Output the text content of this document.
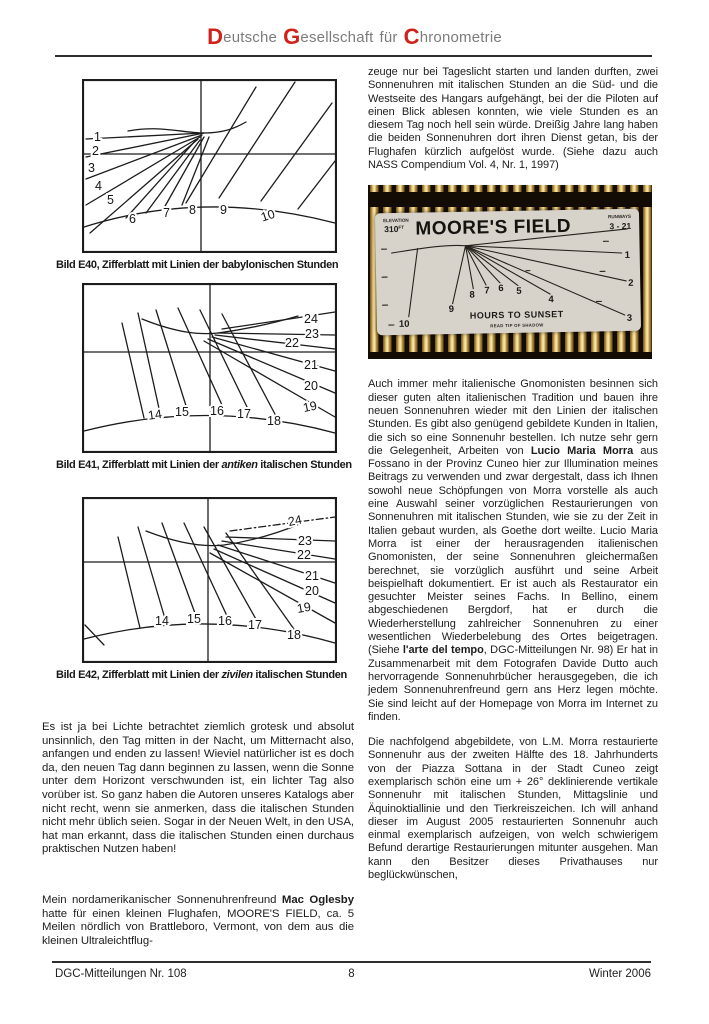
Deutsche Gesellschaft für Chronometrie
1
2
3
4
5
6 7 8 9	10
Bild E40, Zifferblatt mit Linien der babylonischen Stunden
24
23
22
21
20
19
14 15 16 17 18
Bild E41, Zifferblatt mit Linien der antiken italischen Stunden
24
23
22
21
20
19
14 15 16 17
18
Bild E42, Zifferblatt mit Linien der zivilen italischen Stunden
Es ist ja bei Lichte betrachtet ziemlich grotesk und absolut unsinnlich, den Tag mitten in der Nacht, um Mitternacht also, anfangen und enden zu lassen! Wieviel natürlicher ist es doch da, den neuen Tag dann beginnen zu lassen, wenn die Sonne unter dem Horizont verschwunden ist, ein lichter Tag also vorüber ist. So ganz haben die Autoren unseres Katalogs aber nicht recht, wenn sie anmerken, dass die italischen Stunden nicht mehr üblich seien. Sogar in der Neuen Welt, in den USA, hat man erkannt, dass die italischen Stunden einen durchaus praktischen Nutzen haben!
Mein nordamerikanischer Sonnenuhrenfreund Mac Oglesby hatte für einen kleinen Flughafen, MOORE'S FIELD, ca. 5 Meilen nördlich von Brattleboro, Vermont, von dem aus die kleinen Ultraleichtflug-
zeuge nur bei Tageslicht starten und landen durften, zwei Sonnenuhren mit italischen Stunden an die Süd- und die Westseite des Hangars aufgehängt, bei der die Piloten auf einen Blick ablesen konnten, wie viele Stunden es an diesem Tag noch hell sein würde. Dreißig Jahre lang haben die beiden Sonnenuhren dort ihren Dienst getan, bis der Flughafen kürzlich aufgelöst wurde. (Siehe dazu auch NASS Compendium Vol. 4, Nr. 1, 1997)
ELEVATION
$310^{FT}$ MOORE'S FIELD	RUNWAYS
3 - 21
1
2
3
4
5
6
7
8
9
10
HOURS TO SUNSET
READ TIP OF SHADOW
Auch immer mehr italienische Gnomonisten besinnen sich dieser guten alten italienischen Tradition und bauen ihre neuen Sonnenuhren wieder mit den Linien der italischen Stunden. Es gibt also genügend gebildete Kunden in Italien, die sich so eine Sonnenuhr bestellen. Ich nutze sehr gern die Gelegenheit, Arbeiten von Lucio Maria Morra aus Fossano in der Provinz Cuneo hier zur Illumination meines Beitrags zu verwenden und zwar dergestalt, dass ich Ihnen sowohl neue Schöpfungen von Morra vorstelle als auch eine Auswahl seiner vorzüglichen Restaurierungen von Sonnenuhren mit italischen Stunden, wie sie zu der Zeit in Italien gebaut wurden, als Goethe dort weilte. Lucio Maria Morra ist einer der herausragenden italienischen Gnomonisten, der seine Sonnenuhren gleichermaßen berechnet, sie vorzüglich ausführt und seine Arbeit beispielhaft dokumentiert. Er ist auch als Restaurator ein gesuchter Meister seines Fachs. In Bellino, einem abgeschiedenen Bergdorf, hat er durch die Wiederherstellung zahlreicher Sonnenuhren zu einer wesentlichen Wiederbelebung des Ortes beigetragen. (Siehe l'arte del tempo, DGC-Mitteilungen Nr. 98) Er hat in Zusammenarbeit mit dem Fotografen Davide Dutto auch hervorragende Sonnenuhrbücher herausgegeben, die ich jedem Sonnenuhrenfreund gern ans Herz legen möchte. Sie sind leicht auf der Homepage von Morra im Internet zu finden.
Die nachfolgend abgebildete, von L.M. Morra restaurierte Sonnenuhr aus der zweiten Hälfte des 18. Jahrhunderts von der Piazza Sottana in der Stadt Cuneo zeigt exemplarisch schön eine um + 26° deklinierende vertikale Sonnenuhr mit italischen Stunden, Mittagslinie und Äquinoktiallinie und den Tierkreiszeichen. Ich will anhand dieser im August 2005 restaurierten Sonnenuhr auch einmal exemplarisch aufzeigen, von welch schwierigem Befund derartige Restaurierungen mitunter ausgehen. Man kann den Besitzer dieses Privathauses nur beglückwünschen,
8
DGC-Mitteilungen Nr. 108	Winter 2006
